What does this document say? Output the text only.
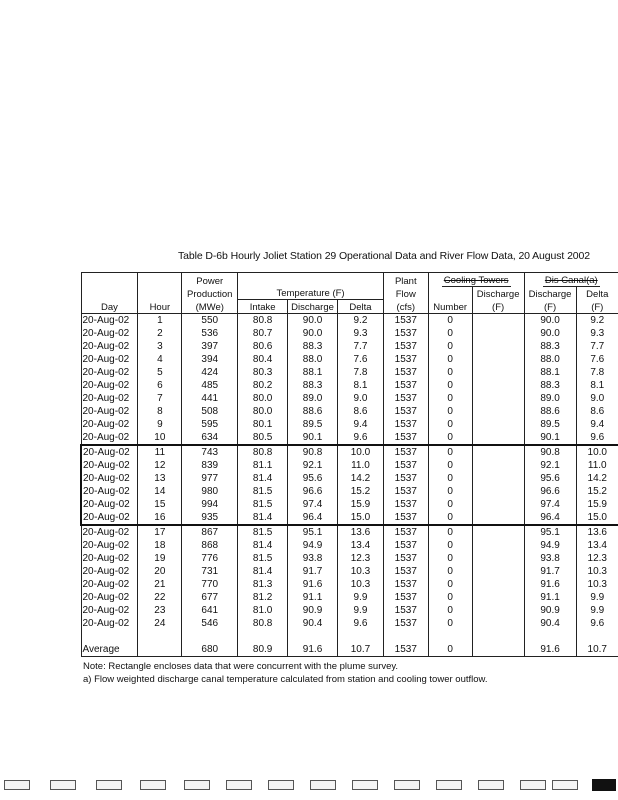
Table D-6b Hourly Joliet Station 29 Operational Data and River Flow Data, 20 August 2002
		Power				Plant	Cooling Towers		Dis Canal(a)	
		Production	Temperature (F)			Flow		Discharge	Discharge	Delta
Day	Hour	(MWe)	Intake	Discharge	Delta	(cfs)	Number	(F)	(F)	(F)
20-Aug-02	1	550	80.8	90.0	9.2	1537	0		90.0	9.2
20-Aug-02	2	536	80.7	90.0	9.3	1537	0		90.0	9.3
20-Aug-02	3	397	80.6	88.3	7.7	1537	0		88.3	7.7
20-Aug-02	4	394	80.4	88.0	7.6	1537	0		88.0	7.6
20-Aug-02	5	424	80.3	88.1	7.8	1537	0		88.1	7.8
20-Aug-02	6	485	80.2	88.3	8.1	1537	0		88.3	8.1
20-Aug-02	7	441	80.0	89.0	9.0	1537	0		89.0	9.0
20-Aug-02	8	508	80.0	88.6	8.6	1537	0		88.6	8.6
20-Aug-02	9	595	80.1	89.5	9.4	1537	0		89.5	9.4
20-Aug-02	10	634	80.5	90.1	9.6	1537	0		90.1	9.6
20-Aug-02	11	743	80.8	90.8	10.0	1537	0		90.8	10.0
20-Aug-02	12	839	81.1	92.1	11.0	1537	0		92.1	11.0
20-Aug-02	13	977	81.4	95.6	14.2	1537	0		95.6	14.2
20-Aug-02	14	980	81.5	96.6	15.2	1537	0		96.6	15.2
20-Aug-02	15	994	81.5	97.4	15.9	1537	0		97.4	15.9
20-Aug-02	16	935	81.4	96.4	15.0	1537	0		96.4	15.0
20-Aug-02	17	867	81.5	95.1	13.6	1537	0		95.1	13.6
20-Aug-02	18	868	81.4	94.9	13.4	1537	0		94.9	13.4
20-Aug-02	19	776	81.5	93.8	12.3	1537	0		93.8	12.3
20-Aug-02	20	731	81.4	91.7	10.3	1537	0		91.7	10.3
20-Aug-02	21	770	81.3	91.6	10.3	1537	0		91.6	10.3
20-Aug-02	22	677	81.2	91.1	9.9	1537	0		91.1	9.9
20-Aug-02	23	641	81.0	90.9	9.9	1537	0		90.9	9.9
20-Aug-02	24	546	80.8	90.4	9.6	1537	0		90.4	9.6

Average		680	80.9	91.6	10.7	1537	0		91.6	10.7
Note: Rectangle encloses data that were concurrent with the plume survey.
a) Flow weighted discharge canal temperature calculated from station and cooling tower outflow.
